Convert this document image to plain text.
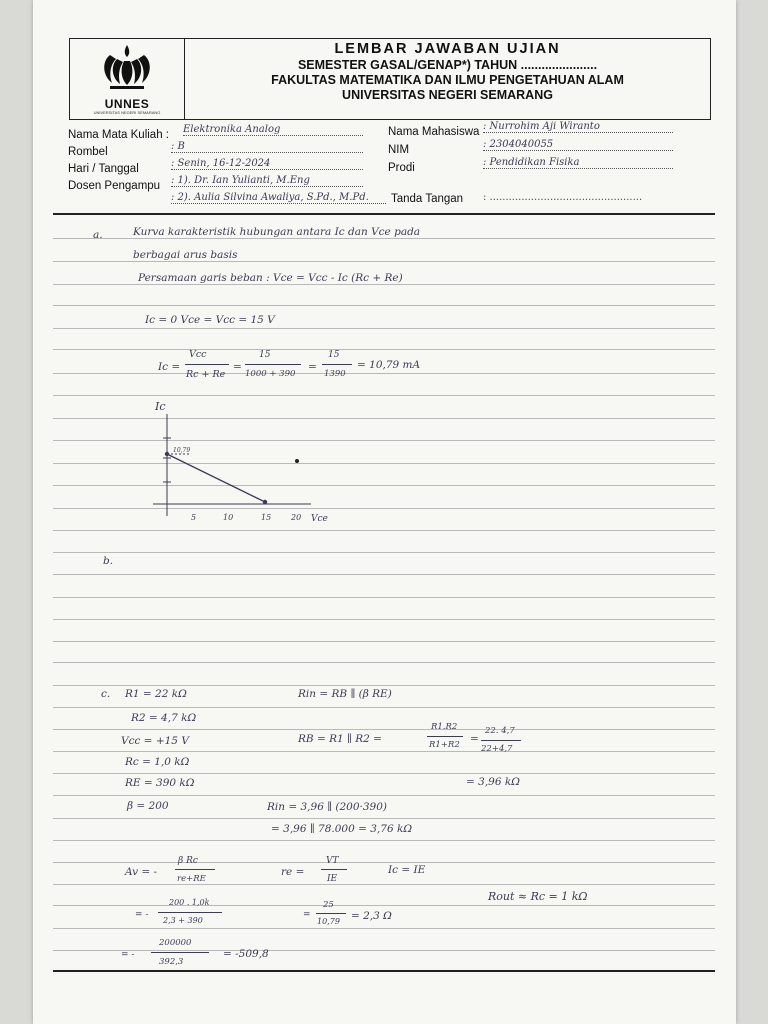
UNNES
UNIVERSITAS NEGERI SEMARANG
LEMBAR JAWABAN UJIAN
SEMESTER GASAL/GENAP*) TAHUN ......................
FAKULTAS MATEMATIKA DAN ILMU PENGETAHUAN ALAM
UNIVERSITAS NEGERI SEMARANG
Nama Mata Kuliah : Elektronika Analog
Rombel	: B
Hari / Tanggal	: Senin, 16-12-2024
Dosen Pengampu : 1). Dr. Ian Yulianti, M.Eng
: 2). Aulia Silvina Awaliya, S.Pd., M.Pd.
Nama Mahasiswa : Nurrohim Aji Wiranto
NIM	: 2304040055
Prodi	: Pendidikan Fisika
Tanda Tangan : ................................................
a.	Kurva karakteristik hubungan antara Ic dan Vce pada
berbagai arus basis
Persamaan garis beban : Vce = Vcc - Ic (Rc + Re)
Ic = 0 Vce = Vcc = 15 V
Ic =
Vcc
Rc + Re
=
15
1000 + 390
=
15
1390
= 10,79 mA
Ic
10,79
5	10	15 20 Vce
b.
c. R1 = 22 kΩ
R2 = 4,7 kΩ
Vcc = +15 V
Rc = 1,0 kΩ
RE = 390 kΩ
β = 200
Rin = RB ∥ (β RE)
RB = R1 ∥ R2 =
R1.R2
R1+R2 =
22. 4,7
22+4,7
= 3,96 kΩ
Rin = 3,96 ∥ (200·390)
= 3,96 ∥ 78.000 = 3,76 kΩ
Av = -
β Rc
re+RE
= -
200 . 1,0k
2,3 + 390
= -
200000
392,3
= -509,8
re =
VT
IE
Ic = IE
=
25
10,79 = 2,3 Ω
Rout ≈ Rc = 1 kΩ
